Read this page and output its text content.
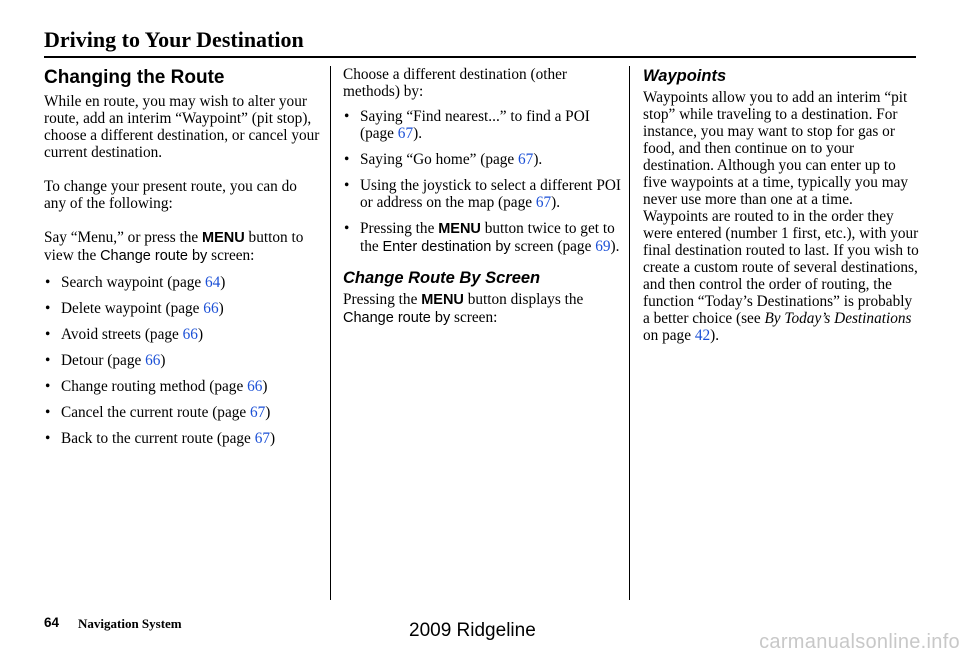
Driving to Your Destination
Changing the Route

While en route, you may wish to alter your route, add an interim “Waypoint” (pit stop), choose a different destination, or cancel your current destination.

To change your present route, you can do any of the following:

Say “Menu,” or press the MENU button to view the Change route by screen:

• Search waypoint (page 64)
• Delete waypoint (page 66)
• Avoid streets (page 66)
• Detour (page 66)
• Change routing method (page 66)
• Cancel the current route (page 67)
• Back to the current route (page 67)

Choose a different destination (other methods) by:

• Saying “Find nearest...” to find a POI (page 67).
• Saying “Go home” (page 67).
• Using the joystick to select a different POI or address on the map (page 67).
• Pressing the MENU button twice to get to the Enter destination by screen (page 69).
Change Route By Screen

Pressing the MENU button displays the Change route by screen:

Waypoints

Waypoints allow you to add an interim “pit stop” while traveling to a destination. For instance, you may want to stop for gas or food, and then continue on to your destination. Although you can enter up to five waypoints at a time, typically you may never use more than one at a time. Waypoints are routed to in the order they were entered (number 1 first, etc.), with your final destination routed to last. If you wish to create a custom route of several destinations, and then control the order of routing, the function “Today’s Destinations” is probably a better choice (see By Today’s Destinations on page 42).

64 Navigation System	2009 Ridgeline
carmanualsonline.info
